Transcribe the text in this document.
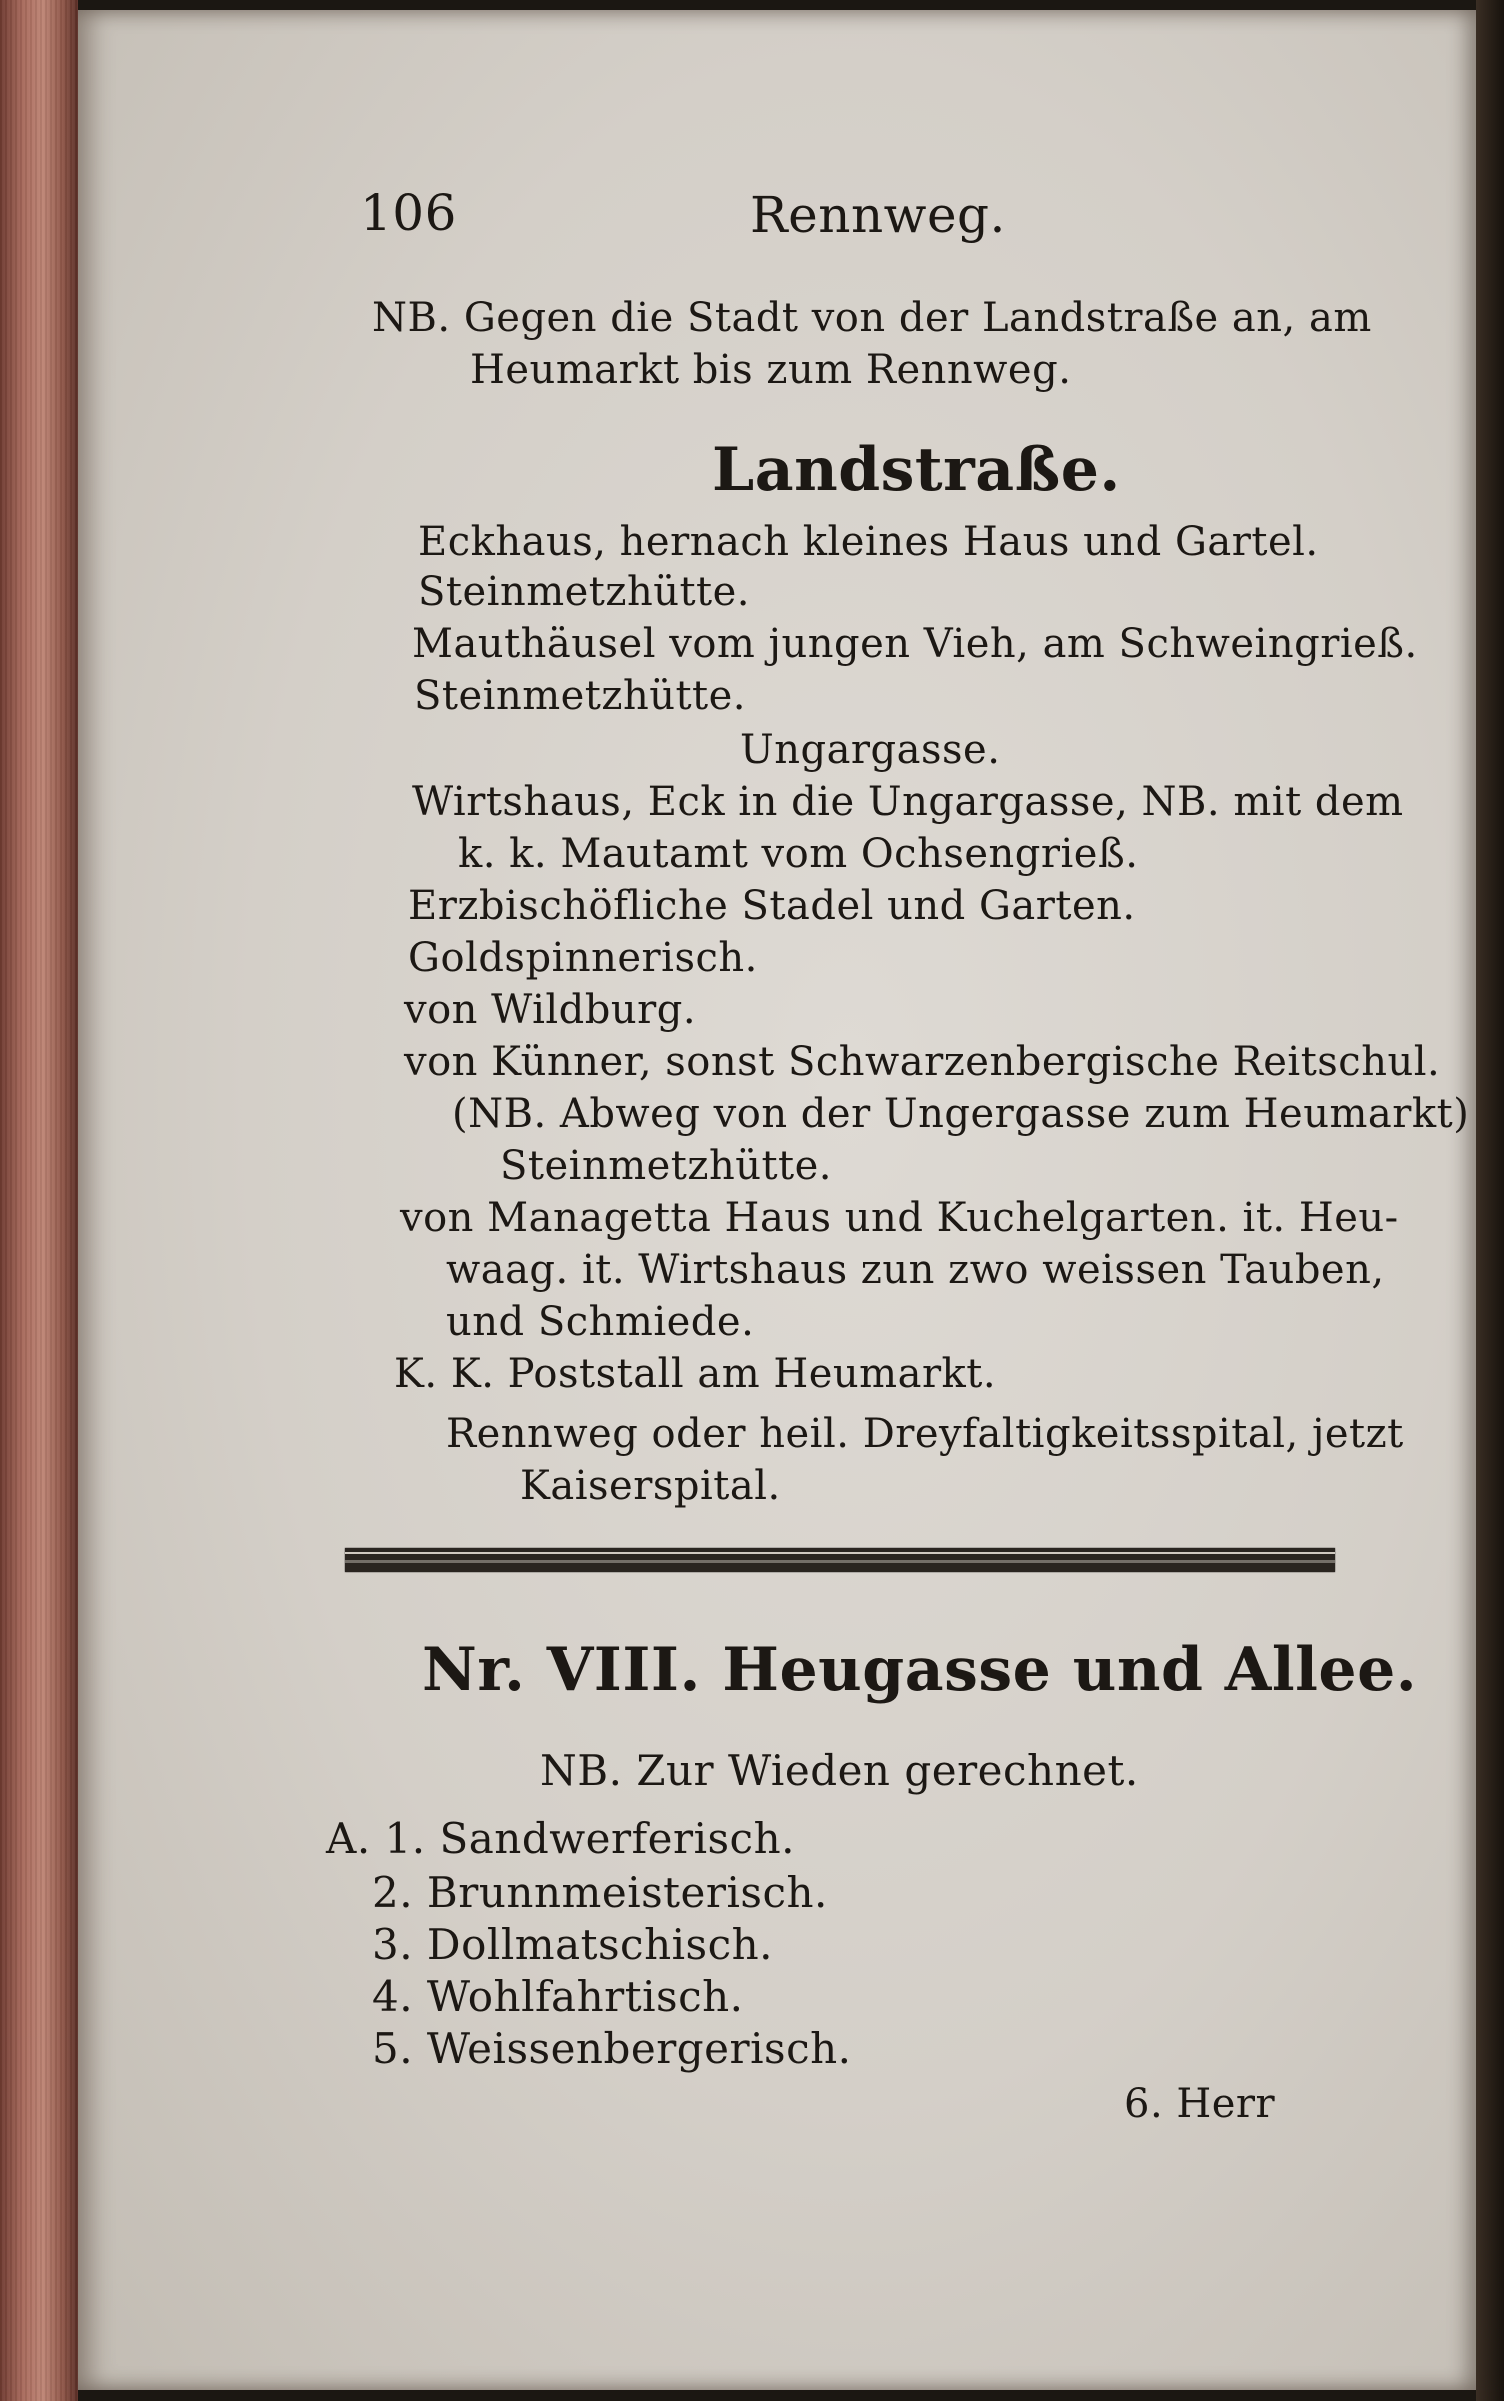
106	Rennweg.
NB. Gegen die Stadt von der Landstraße an, am
Heumarkt bis zum Rennweg.
Landstraße.
Eckhaus, hernach kleines Haus und Gartel.
Steinmetzhütte.
Mauthäusel vom jungen Vieh, am Schweingrieß.
Steinmetzhütte.
Ungargasse.
Wirtshaus, Eck in die Ungargasse, NB. mit dem
k. k. Mautamt vom Ochsengrieß.
Erzbischöfliche Stadel und Garten.
Goldspinnerisch.
von Wildburg.
von Künner, sonst Schwarzenbergische Reitschul.
(NB. Abweg von der Ungergasse zum Heumarkt)
Steinmetzhütte.
von Managetta Haus und Kuchelgarten. it. Heu-
waag. it. Wirtshaus zun zwo weissen Tauben,
und Schmiede.
K. K. Poststall am Heumarkt.
Rennweg oder heil. Dreyfaltigkeitsspital, jetzt
Kaiserspital.
Nr. VIII. Heugasse und Allee.
NB. Zur Wieden gerechnet.
A. 1. Sandwerferisch.
2. Brunnmeisterisch.
3. Dollmatschisch.
4. Wohlfahrtisch.
5. Weissenbergerisch.
6. Herr
